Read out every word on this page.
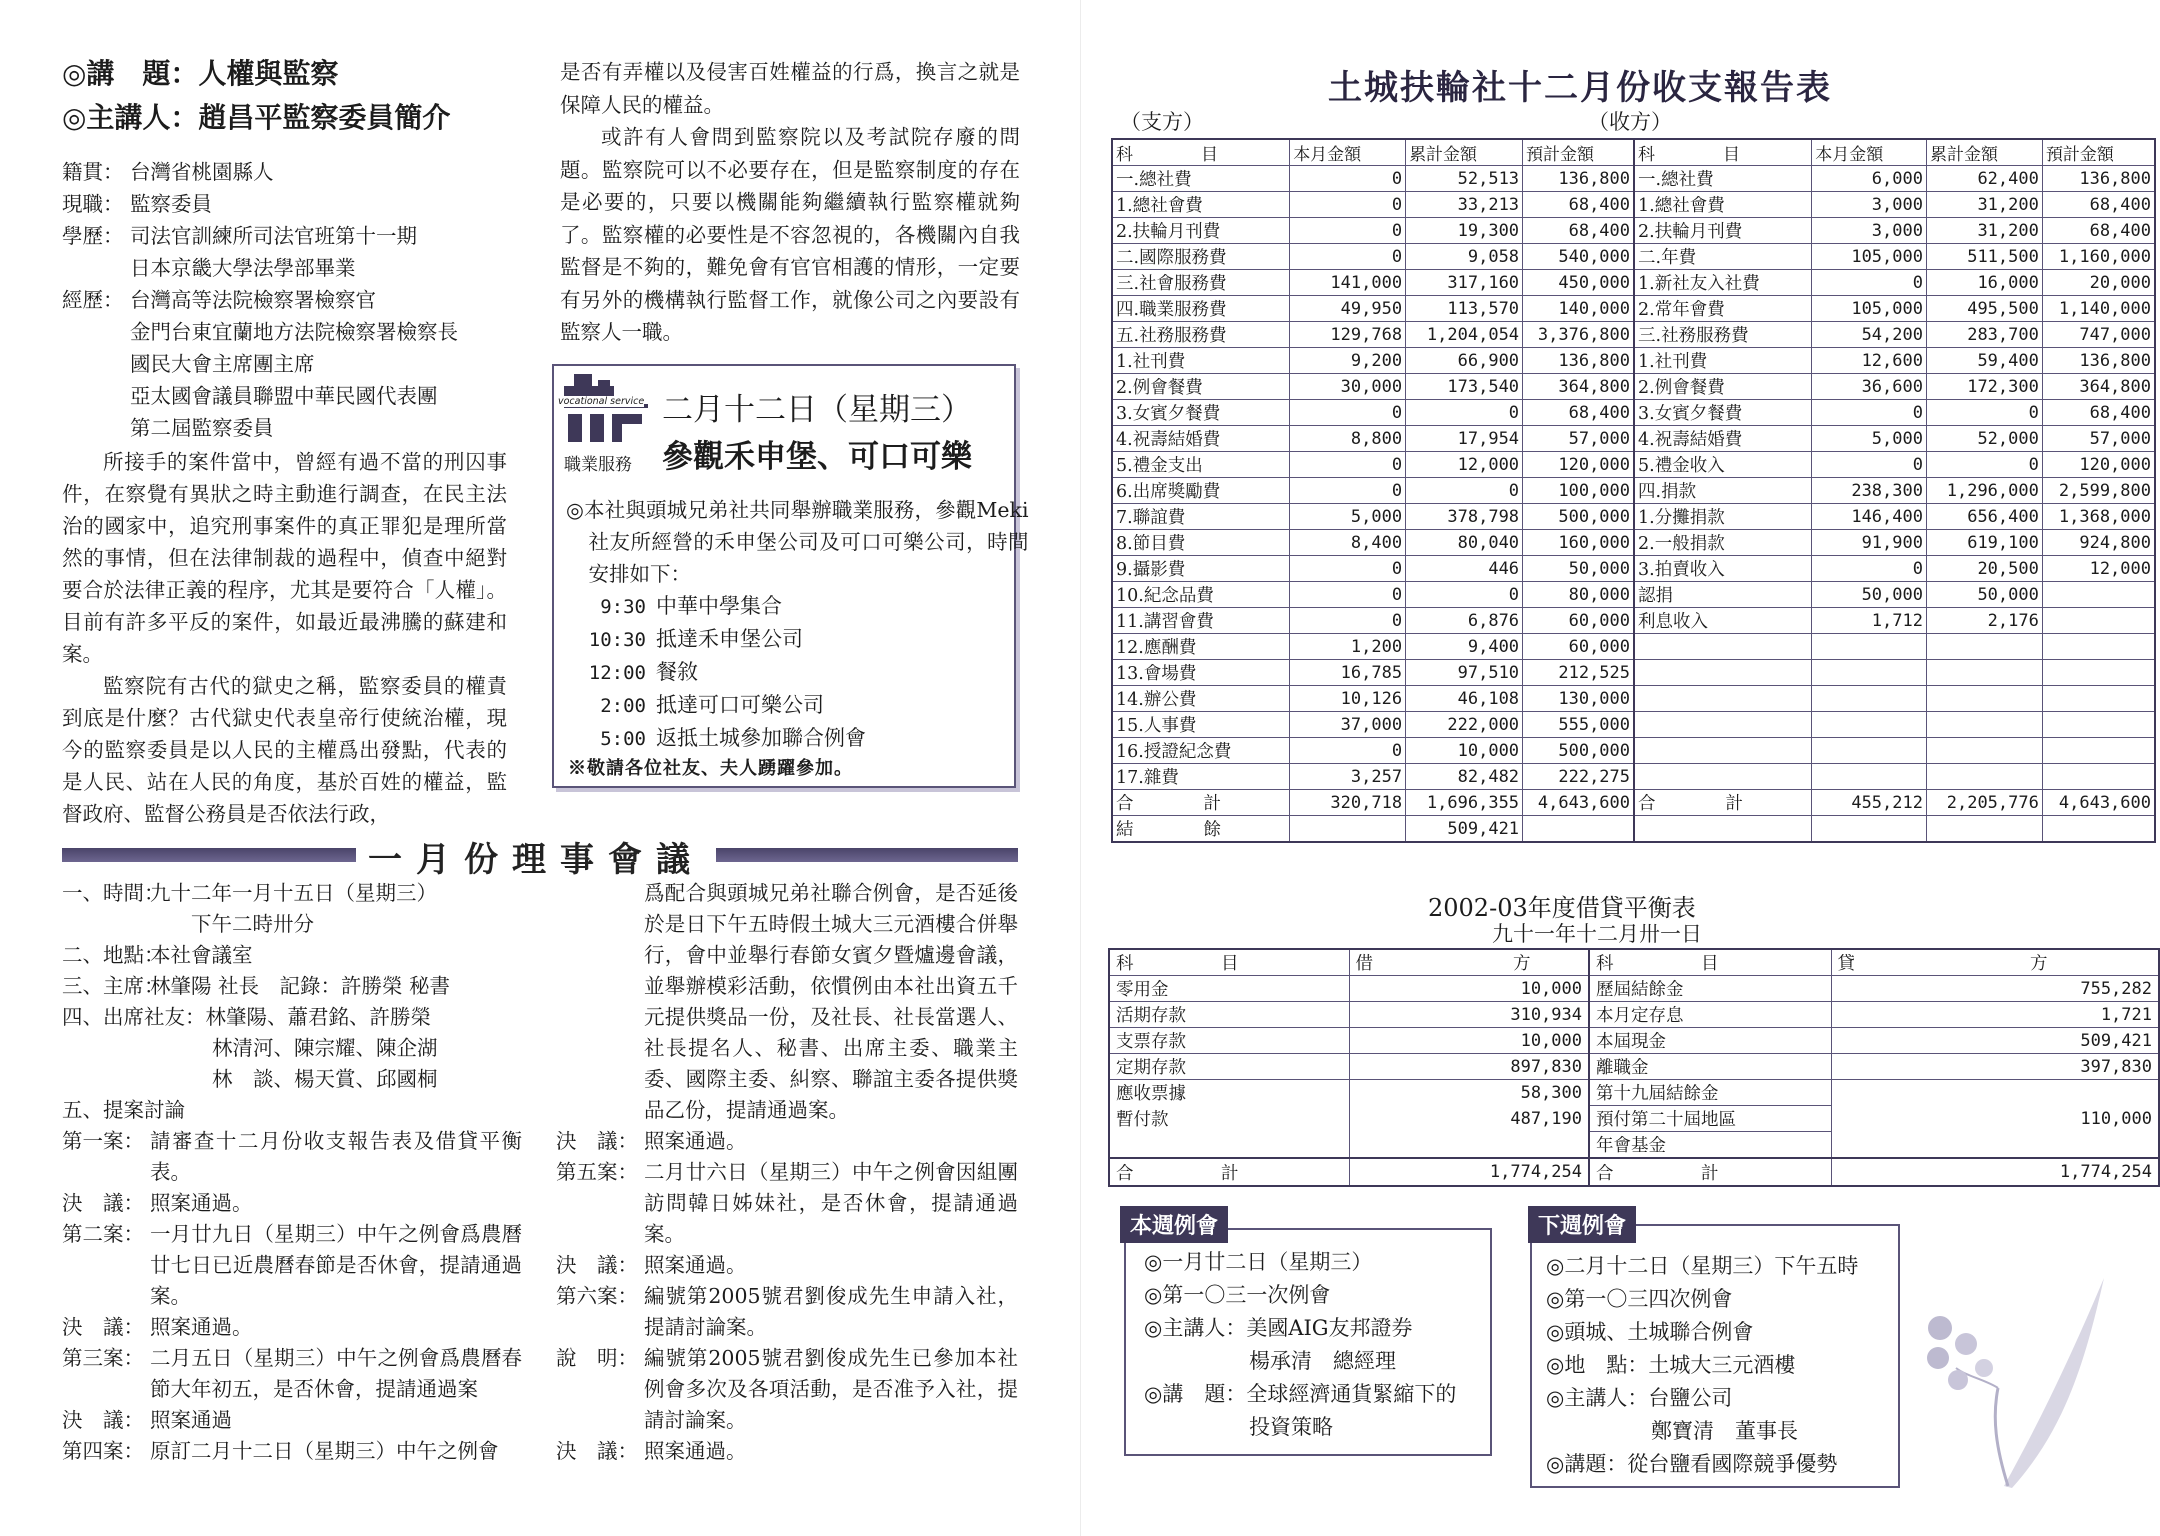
◎講　題：人權與監察
◎主講人：趙昌平監察委員簡介
籍貫： 台灣省桃園縣人
現職： 監察委員
學歷： 司法官訓練所司法官班第十一期
日本京畿大學法學部畢業
經歷： 台灣高等法院檢察署檢察官
金門台東宜蘭地方法院檢察署檢察長
國民大會主席團主席
亞太國會議員聯盟中華民國代表團
第二屆監察委員
所接手的案件當中，曾經有過不當的刑囚事件，在察覺有異狀之時主動進行調查，在民主法治的國家中，追究刑事案件的真正罪犯是理所當然的事情，但在法律制裁的過程中，偵查中絕對要合於法律正義的程序，尤其是要符合「人權」。目前有許多平反的案件，如最近最沸騰的蘇建和案。
監察院有古代的獄史之稱，監察委員的權責到底是什麼？古代獄史代表皇帝行使統治權，現今的監察委員是以人民的主權爲出發點，代表的是人民、站在人民的角度，基於百姓的權益，監督政府、監督公務員是否依法行政，
是否有弄權以及侵害百姓權益的行爲，換言之就是保障人民的權益。
或許有人會問到監察院以及考試院存廢的問題。監察院可以不必要存在，但是監察制度的存在是必要的，只要以機關能夠繼續執行監察權就夠了。監察權的必要性是不容忽視的，各機關內自我監督是不夠的，難免會有官官相護的情形，一定要有另外的機構執行監督工作，就像公司之內要設有監察人一職。
vocational service
職業服務
二月十二日（星期三）
參觀禾申堡、可口可樂
◎本社與頭城兄弟社共同舉辦職業服務，參觀Meki社友所經營的禾申堡公司及可口可樂公司，時間安排如下：
9:30 中華中學集合
10:30 抵達禾申堡公司
12:00 餐敘
2:00 抵達可口可樂公司
5:00 返抵土城參加聯合例會
※敬請各位社友、夫人踴躍參加。
一月份理事會議
一、時間：
九十二年一月十五日（星期三）
　　下午二時卅分
二、地點：
本社會議室
三、主席：
林肇陽 社長　記錄：許勝榮 秘書
四、出席社友： 林肇陽、蕭君銘、許勝榮
林清河、陳宗耀、陳企湖
林　談、楊天賞、邱國桐
五、提案討論
第一案： 請審查十二月份收支報告表及借貸平衡表。
決　議： 照案通過。
第二案： 一月廿九日（星期三）中午之例會爲農曆廿七日已近農曆春節是否休會，提請通過案。
決　議： 照案通過。
第三案： 二月五日（星期三）中午之例會爲農曆春節大年初五，是否休會，提請通過案
決　議： 照案通過
第四案： 原訂二月十二日（星期三）中午之例會
爲配合與頭城兄弟社聯合例會，是否延後於是日下午五時假土城大三元酒樓合併舉行，會中並舉行春節女賓夕暨爐邊會議，並舉辦模彩活動，依慣例由本社出資五千元提供獎品一份，及社長、社長當選人、社長提名人、秘書、出席主委、職業主委、國際主委、糾察、聯誼主委各提供獎品乙份，提請通過案。
決　議： 照案通過。
第五案： 二月廿六日（星期三）中午之例會因組團訪問韓日姊妹社，是否休會，提請通過案。
決　議： 照案通過。
第六案： 編號第2005號君劉俊成先生申請入社，提請討論案。
說　明： 編號第2005號君劉俊成先生已參加本社例會多次及各項活動，是否准予入社，提請討論案。
決　議： 照案通過。
土城扶輪社十二月份收支報告表
（支方）	（收方）
科　　　　目	本月金額	累計金額	預計金額	科　　　　目	本月金額	累計金額	預計金額
一.總社費	0	52,513	136,800	一.總社費	6,000	62,400	136,800
1.總社會費	0	33,213	68,400	1.總社會費	3,000	31,200	68,400
2.扶輪月刊費	0	19,300	68,400	2.扶輪月刊費	3,000	31,200	68,400
二.國際服務費	0	9,058	540,000	二.年費	105,000	511,500	1,160,000
三.社會服務費	141,000	317,160	450,000	1.新社友入社費	0	16,000	20,000
四.職業服務費	49,950	113,570	140,000	2.常年會費	105,000	495,500	1,140,000
五.社務服務費	129,768	1,204,054	3,376,800	三.社務服務費	54,200	283,700	747,000
1.社刊費	9,200	66,900	136,800	1.社刊費	12,600	59,400	136,800
2.例會餐費	30,000	173,540	364,800	2.例會餐費	36,600	172,300	364,800
3.女賓夕餐費	0	0	68,400	3.女賓夕餐費	0	0	68,400
4.祝壽結婚費	8,800	17,954	57,000	4.祝壽結婚費	5,000	52,000	57,000
5.禮金支出	0	12,000	120,000	5.禮金收入	0	0	120,000
6.出席獎勵費	0	0	100,000	四.捐款	238,300	1,296,000	2,599,800
7.聯誼費	5,000	378,798	500,000	1.分攤捐款	146,400	656,400	1,368,000
8.節目費	8,400	80,040	160,000	2.一般捐款	91,900	619,100	924,800
9.攝影費	0	446	50,000	3.拍賣收入	0	20,500	12,000
10.紀念品費	0	0	80,000	認捐	50,000	50,000	
11.講習會費	0	6,876	60,000	利息收入	1,712	2,176	
12.應酬費	1,200	9,400	60,000				
13.會場費	16,785	97,510	212,525				
14.辦公費	10,126	46,108	130,000				
15.人事費	37,000	222,000	555,000				
16.授證紀念費	0	10,000	500,000				
17.雜費	3,257	82,482	222,275				
合　　　　計	320,718	1,696,355	4,643,600	合　　　　計	455,212	2,205,776	4,643,600
結　　　　餘		509,421					
2002-03年度借貸平衡表
九十一年十二月卅一日
科　　　　　目	借　　　　　　　　方	科　　　　　目	貸　　　　　　　　　　方
零用金	10,000	歷屆結餘金	755,282
活期存款	310,934	本月定存息	1,721
支票存款	10,000	本屆現金	509,421
定期存款	897,830	離職金	397,830
應收票據	58,300	第十九屆結餘金	
暫付款	487,190	預付第二十屆地區	110,000
		年會基金	
合　　　　　計	1,774,254	合　　　　　計	1,774,254
◎一月廿二日（星期三）
◎第一〇三一次例會
◎主講人：美國AIG友邦證券
　　　　　楊承清　總經理
◎講　題：全球經濟通貨緊縮下的
　　　　　投資策略
本週例會
◎二月十二日（星期三）下午五時
◎第一〇三四次例會
◎頭城、土城聯合例會
◎地　點：土城大三元酒樓
◎主講人：台鹽公司
　　　　　鄭寶清　董事長
◎講題：從台鹽看國際競爭優勢
下週例會
